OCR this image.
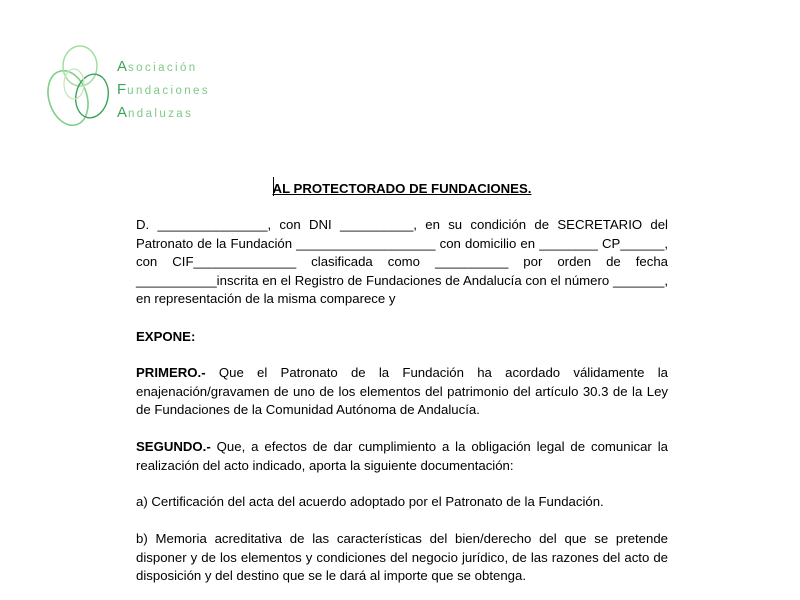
Asociación
Fundaciones
Andaluzas
AL PROTECTORADO DE FUNDACIONES.

D. _______________, con DNI __________, en su condición de SECRETARIO del Patronato de la Fundación ___________________ con domicilio en ________ CP______, con CIF______________ clasificada como __________ por orden de fecha ___________inscrita en el Registro de Fundaciones de Andalucía con el número _______, en representación de la misma comparece y

EXPONE:

PRIMERO.- Que el Patronato de la Fundación ha acordado válidamente la enajenación/gravamen de uno de los elementos del patrimonio del artículo 30.3 de la Ley de Fundaciones de la Comunidad Autónoma de Andalucía.

SEGUNDO.- Que, a efectos de dar cumplimiento a la obligación legal de comunicar la realización del acto indicado, aporta la siguiente documentación:

a) Certificación del acta del acuerdo adoptado por el Patronato de la Fundación.

b) Memoria acreditativa de las características del bien/derecho del que se pretende disponer y de los elementos y condiciones del negocio jurídico, de las razones del acto de disposición y del destino que se le dará al importe que se obtenga.
